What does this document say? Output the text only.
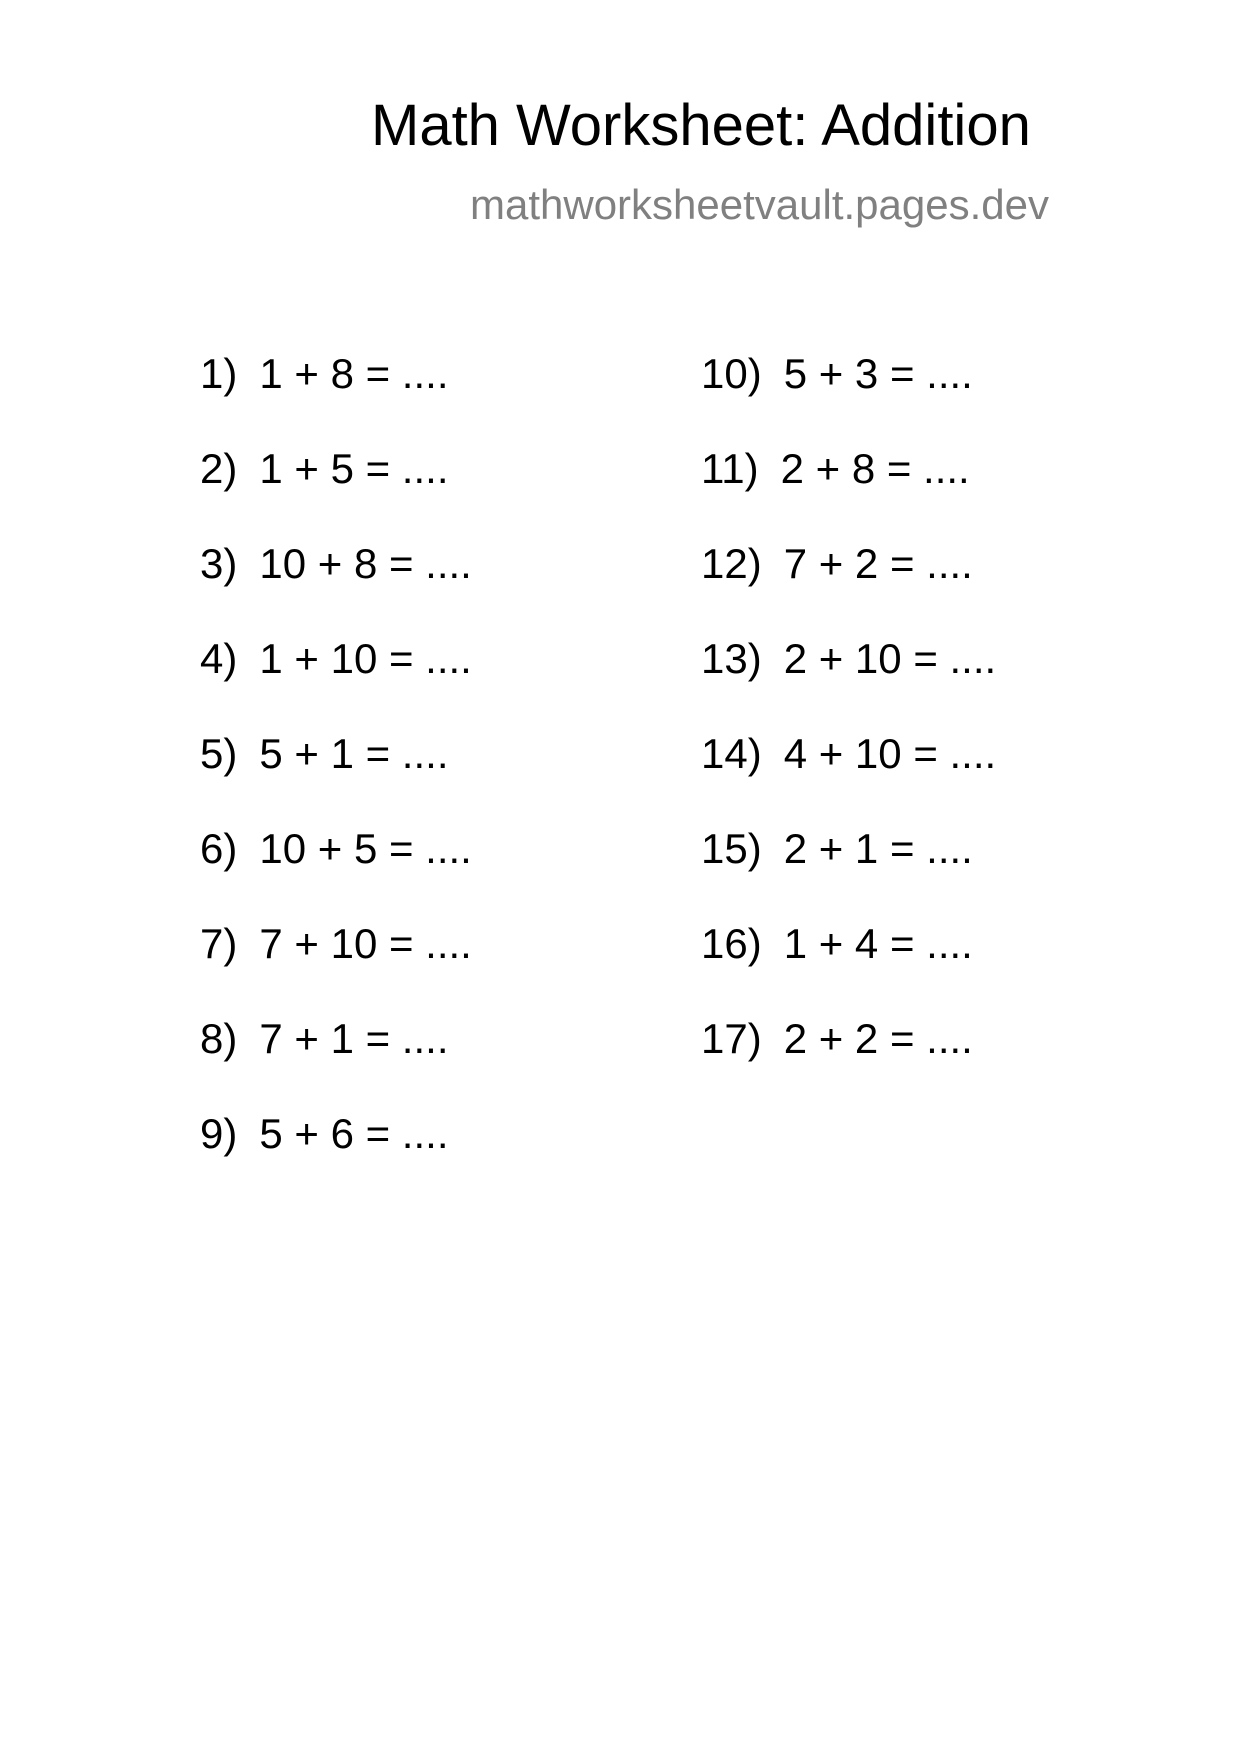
Math Worksheet: Addition
mathworksheetvault.pages.dev
1) 1 + 8 = ....
2) 1 + 5 = ....
3) 10 + 8 = ....
4) 1 + 10 = ....
5) 5 + 1 = ....
6) 10 + 5 = ....
7) 7 + 10 = ....
8) 7 + 1 = ....
9) 5 + 6 = ....
10) 5 + 3 = ....
11) 2 + 8 = ....
12) 7 + 2 = ....
13) 2 + 10 = ....
14) 4 + 10 = ....
15) 2 + 1 = ....
16) 1 + 4 = ....
17) 2 + 2 = ....
